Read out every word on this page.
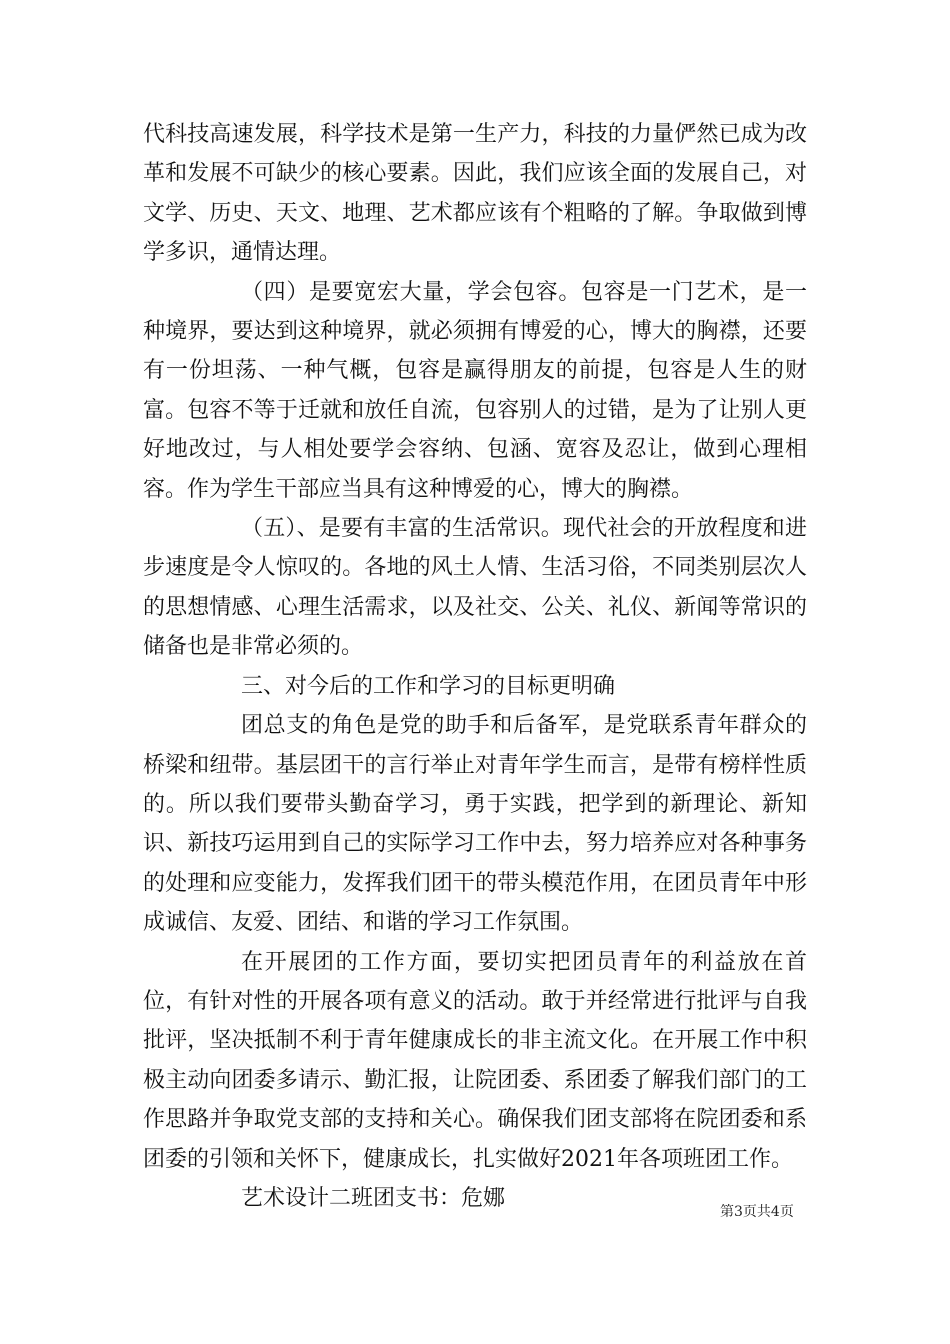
代科技高速发展，科学技术是第一生产力，科技的力量俨然已成为改革和发展不可缺少的核心要素。因此，我们应该全面的发展自己，对文学、历史、天文、地理、艺术都应该有个粗略的了解。争取做到博学多识，通情达理。

（四）是要宽宏大量，学会包容。包容是一门艺术，是一种境界，要达到这种境界，就必须拥有博爱的心，博大的胸襟，还要有一份坦荡、一种气概，包容是赢得朋友的前提，包容是人生的财富。包容不等于迁就和放任自流，包容别人的过错，是为了让别人更好地改过，与人相处要学会容纳、包涵、宽容及忍让，做到心理相容。作为学生干部应当具有这种博爱的心，博大的胸襟。

（五）、是要有丰富的生活常识。现代社会的开放程度和进步速度是令人惊叹的。各地的风土人情、生活习俗，不同类别层次人的思想情感、心理生活需求，以及社交、公关、礼仪、新闻等常识的储备也是非常必须的。

三、对今后的工作和学习的目标更明确

团总支的角色是党的助手和后备军，是党联系青年群众的桥梁和纽带。基层团干的言行举止对青年学生而言，是带有榜样性质的。所以我们要带头勤奋学习，勇于实践，把学到的新理论、新知识、新技巧运用到自己的实际学习工作中去，努力培养应对各种事务的处理和应变能力，发挥我们团干的带头模范作用，在团员青年中形成诚信、友爱、团结、和谐的学习工作氛围。

在开展团的工作方面，要切实把团员青年的利益放在首位，有针对性的开展各项有意义的活动。敢于并经常进行批评与自我批评，坚决抵制不利于青年健康成长的非主流文化。在开展工作中积极主动向团委多请示、勤汇报，让院团委、系团委了解我们部门的工作思路并争取党支部的支持和关心。确保我们团支部将在院团委和系团委的引领和关怀下，健康成长，扎实做好2021年各项班团工作。

艺术设计二班团支书：危娜

第3页共4页
